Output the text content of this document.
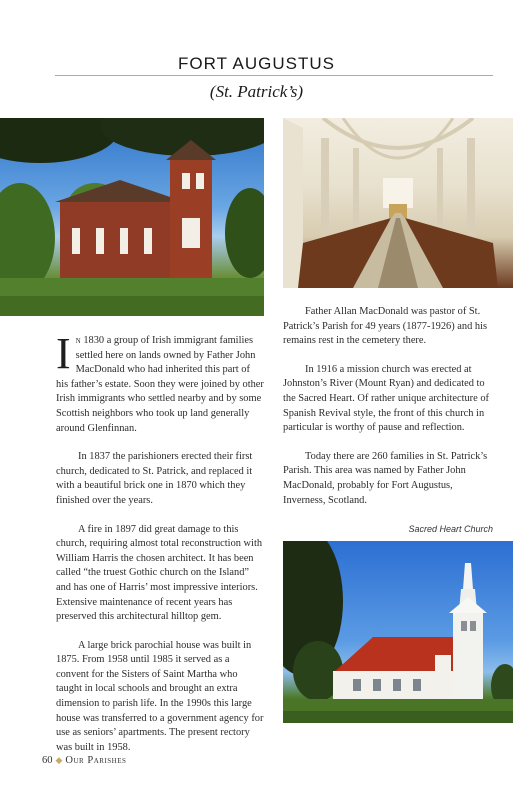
FORT AUGUSTUS
(St. Patrick’s)

In 1830 a group of Irish immigrant families settled here on lands owned by Father John MacDonald who had inherited this part of his father’s estate. Soon they were joined by other Irish immigrants who settled nearby and by some Scottish neighbors who took up land generally around Glenfinnan.

In 1837 the parishioners erected their first church, dedicated to St. Patrick, and replaced it with a beautiful brick one in 1870 which they finished over the years.

A fire in 1897 did great damage to this church, requiring almost total reconstruction with William Harris the chosen architect. It has been called “the truest Gothic church on the Island” and has one of Harris’ most impressive interiors. Extensive maintenance of recent years has preserved this architectural hilltop gem.

A large brick parochial house was built in 1875. From 1958 until 1985 it served as a convent for the Sisters of Saint Martha who taught in local schools and brought an extra dimension to parish life. In the 1990s this large house was transferred to a government agency for use as seniors’ apartments. The present rectory was built in 1958.

Father Allan MacDonald was pastor of St. Patrick’s Parish for 49 years (1877-1926) and his remains rest in the cemetery there.

In 1916 a mission church was erected at Johnston’s River (Mount Ryan) and dedicated to the Sacred Heart. Of rather unique architecture of Spanish Revival style, the front of this church in particular is worthy of pause and reflection.

Today there are 260 families in St. Patrick’s Parish. This area was named by Father John MacDonald, probably for Fort Augustus, Inverness, Scotland.

Sacred Heart Church
60 ◆ Our Parishes
